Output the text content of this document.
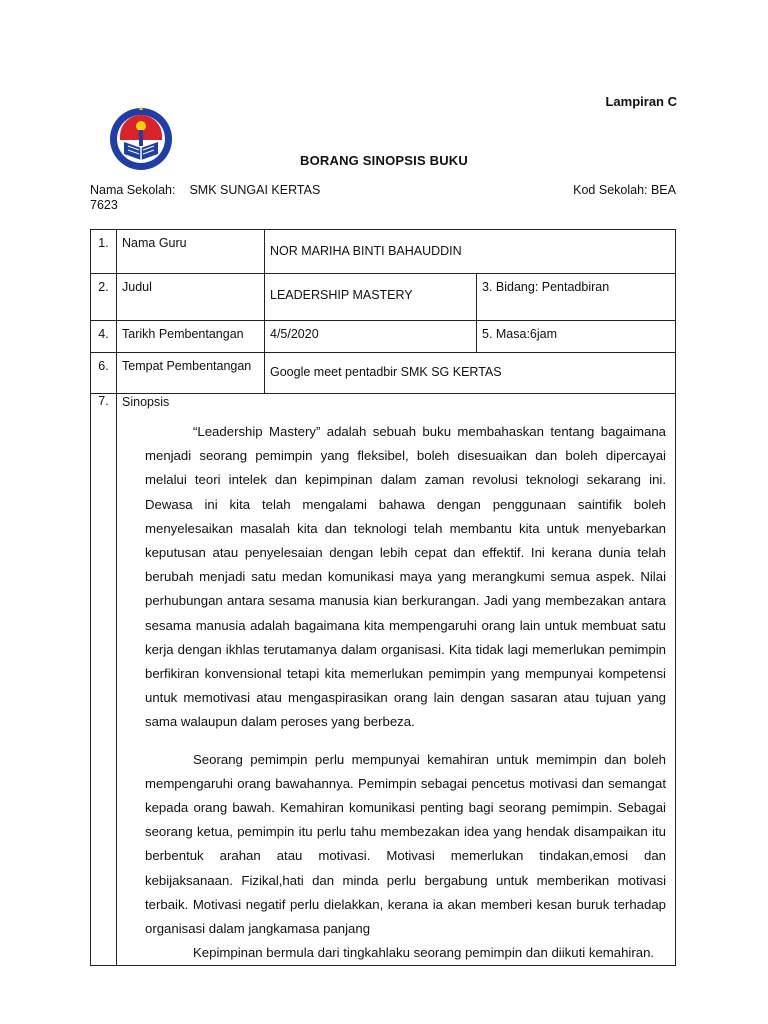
Lampiran C
BORANG SINOPSIS BUKU
Nama Sekolah: SMK SUNGAI KERTAS
7623
Kod Sekolah: BEA
1.	Nama Guru	NOR MARIHA BINTI BAHAUDDIN	
2.	Judul	LEADERSHIP MASTERY	3. Bidang: Pentadbiran
4.	Tarikh Pembentangan	4/5/2020	5. Masa:6jam
6.	Tempat Pembentangan	Google meet pentadbir SMK SG KERTAS	
7.	Sinopsis

“Leadership Mastery” adalah sebuah buku membahaskan tentang bagaimana menjadi seorang pemimpin yang fleksibel, boleh disesuaikan dan boleh dipercayai melalui teori intelek dan kepimpinan dalam zaman revolusi teknologi sekarang ini. Dewasa ini kita telah mengalami bahawa dengan penggunaan saintifik boleh menyelesaikan masalah kita dan teknologi telah membantu kita untuk menyebarkan keputusan atau penyelesaian dengan lebih cepat dan effektif. Ini kerana dunia telah berubah menjadi satu medan komunikasi maya yang merangkumi semua aspek. Nilai perhubungan antara sesama manusia kian berkurangan. Jadi yang membezakan antara sesama manusia adalah bagaimana kita mempengaruhi orang lain untuk membuat satu kerja dengan ikhlas terutamanya dalam organisasi. Kita tidak lagi memerlukan pemimpin berfikiran konvensional tetapi kita memerlukan pemimpin yang mempunyai kompetensi untuk memotivasi atau mengaspirasikan orang lain dengan sasaran atau tujuan yang sama walaupun dalam peroses yang berbeza.

Seorang pemimpin perlu mempunyai kemahiran untuk memimpin dan boleh mempengaruhi orang bawahannya. Pemimpin sebagai pencetus motivasi dan semangat kepada orang bawah. Kemahiran komunikasi penting bagi seorang pemimpin. Sebagai seorang ketua, pemimpin itu perlu tahu membezakan idea yang hendak disampaikan itu berbentuk arahan atau motivasi. Motivasi memerlukan tindakan,emosi dan kebijaksanaan. Fizikal,hati dan minda perlu bergabung untuk memberikan motivasi terbaik. Motivasi negatif perlu dielakkan, kerana ia akan memberi kesan buruk terhadap organisasi dalam jangkamasa panjang

Kepimpinan bermula dari tingkahlaku seorang pemimpin dan diikuti kemahiran.		
